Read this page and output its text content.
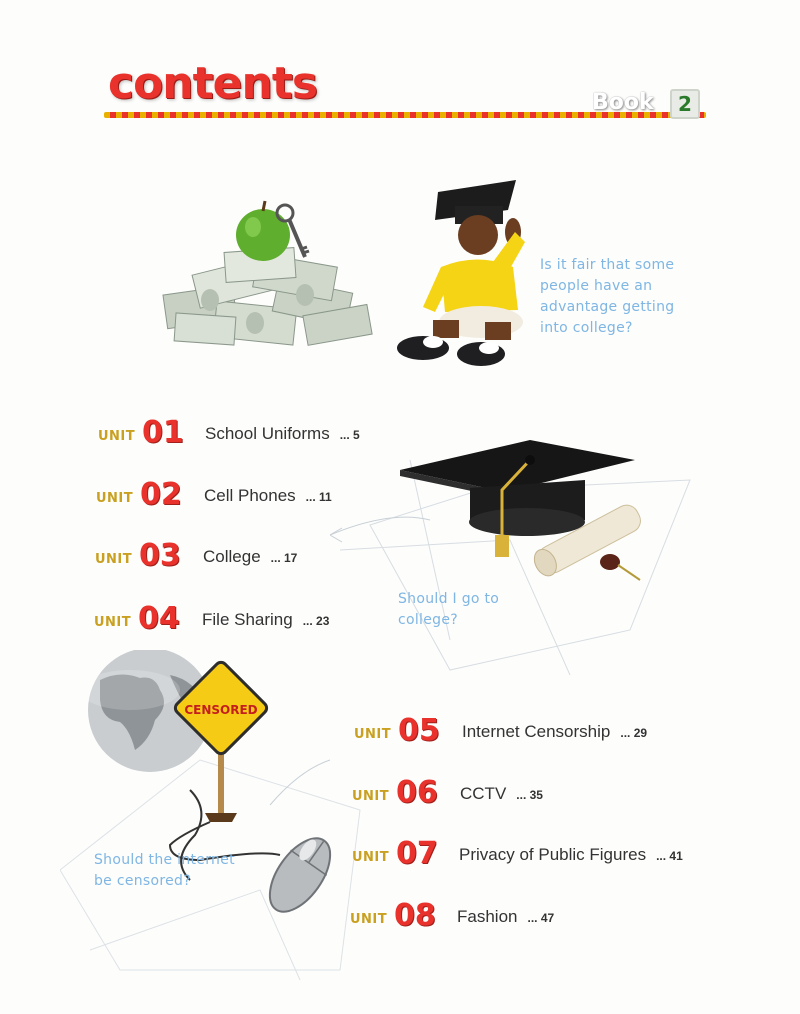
contents	Book	2
Is it fair that some
people have an
advantage getting
into college?
Should I go to
college?
CENSORED
Should the internet
be censored?
UNIT 01 School Uniforms ... 5
UNIT 02 Cell Phones ... 11
UNIT 03 College ... 17
UNIT 04 File Sharing ... 23
UNIT 05 Internet Censorship ... 29
UNIT 06 CCTV ... 35
UNIT 07 Privacy of Public Figures ... 41
UNIT 08 Fashion ... 47
